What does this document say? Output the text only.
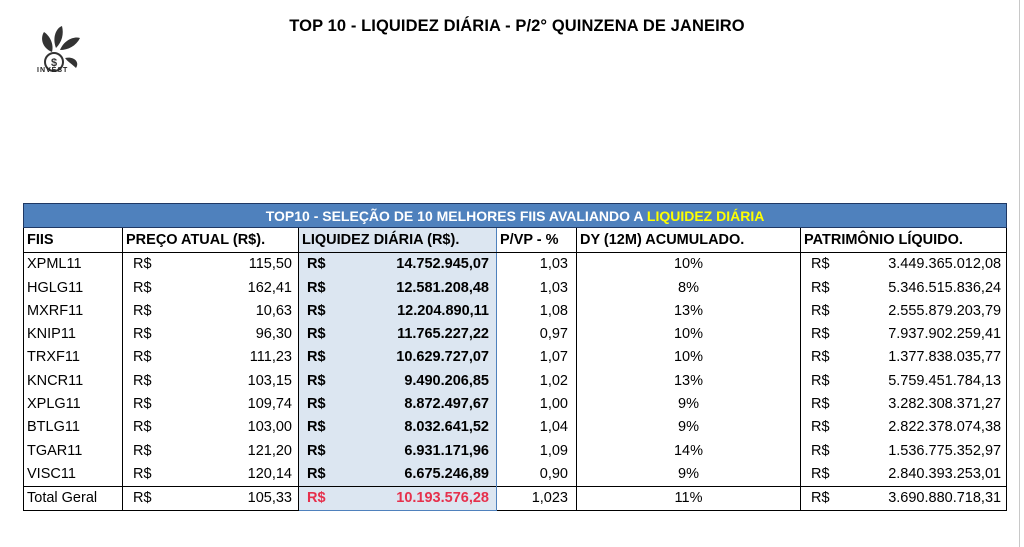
$
INVEST
TOP 10 - LIQUIDEZ DIÁRIA - P/2° QUINZENA DE JANEIRO
TOP10 - SELEÇÃO DE 10 MELHORES FIIS AVALIANDO A LIQUIDEZ DIÁRIA								
FIIS	PREÇO ATUAL (R$).		LIQUIDEZ DIÁRIA (R$).		P/VP - %	DY (12M) ACUMULADO.	PATRIMÔNIO LÍQUIDO.	
XPML11	R$	115,50	R$	14.752.945,07	1,03	10%	R$	3.449.365.012,08
HGLG11	R$	162,41	R$	12.581.208,48	1,03	8%	R$	5.346.515.836,24
MXRF11	R$	10,63	R$	12.204.890,11	1,08	13%	R$	2.555.879.203,79
KNIP11	R$	96,30	R$	11.765.227,22	0,97	10%	R$	7.937.902.259,41
TRXF11	R$	111,23	R$	10.629.727,07	1,07	10%	R$	1.377.838.035,77
KNCR11	R$	103,15	R$	9.490.206,85	1,02	13%	R$	5.759.451.784,13
XPLG11	R$	109,74	R$	8.872.497,67	1,00	9%	R$	3.282.308.371,27
BTLG11	R$	103,00	R$	8.032.641,52	1,04	9%	R$	2.822.378.074,38
TGAR11	R$	121,20	R$	6.931.171,96	1,09	14%	R$	1.536.775.352,97
VISC11	R$	120,14	R$	6.675.246,89	0,90	9%	R$	2.840.393.253,01
Total Geral	R$	105,33	R$	10.193.576,28	1,023	11%	R$	3.690.880.718,31
